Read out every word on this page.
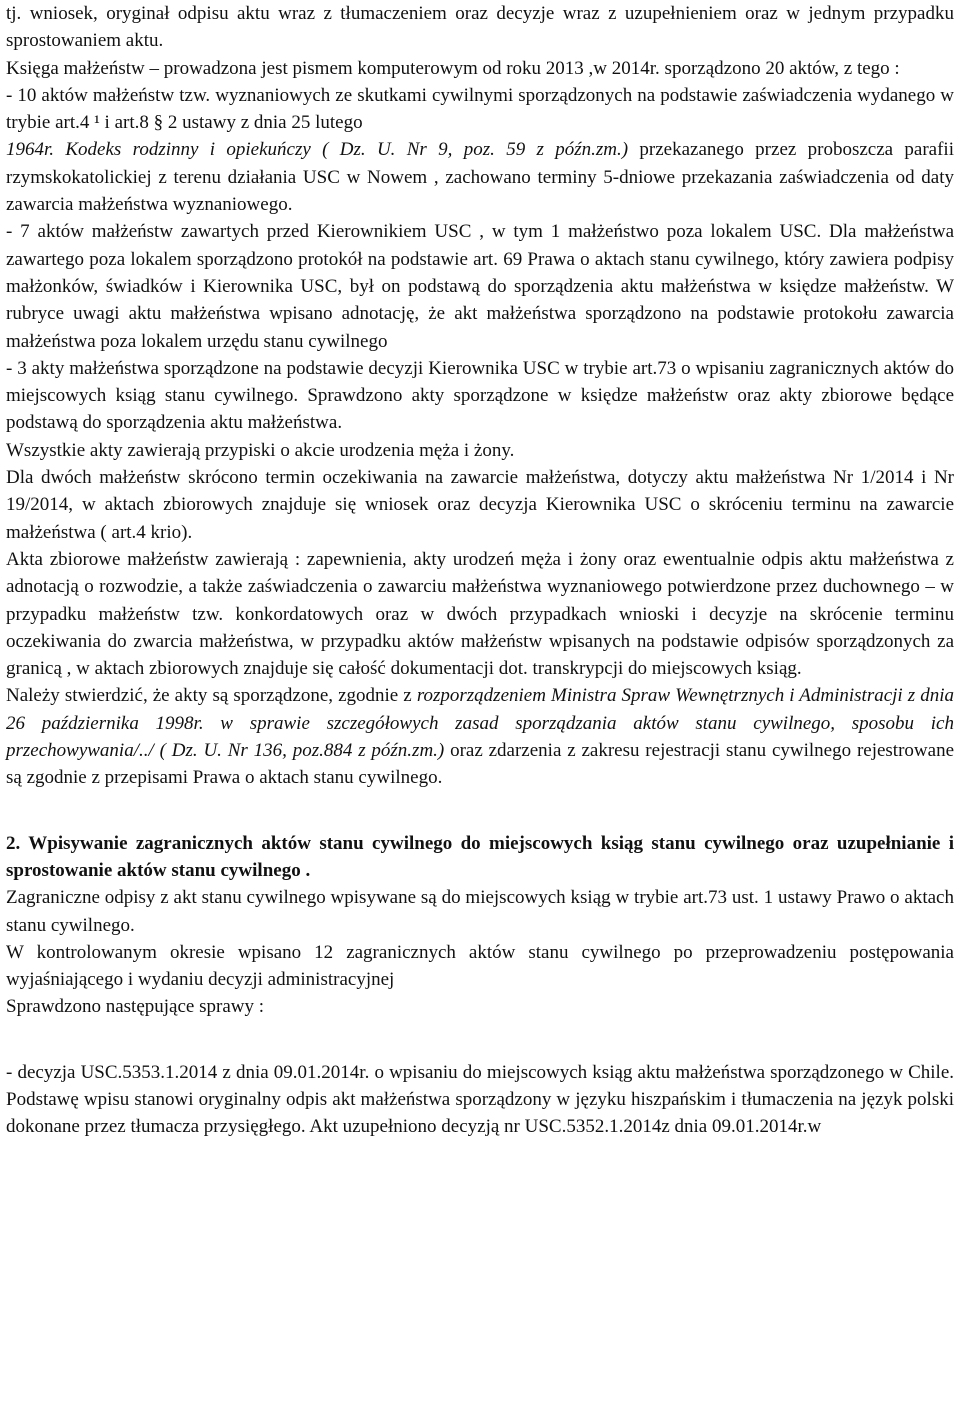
tj. wniosek, oryginał odpisu aktu wraz z tłumaczeniem oraz decyzje wraz z uzupełnieniem oraz w jednym przypadku sprostowaniem aktu.

Księga małżeństw – prowadzona jest pismem komputerowym od roku 2013 ,w 2014r. sporządzono 20 aktów, z tego :

- 10 aktów małżeństw tzw. wyznaniowych ze skutkami cywilnymi sporządzonych na podstawie zaświadczenia wydanego w trybie art.4 ¹ i art.8 § 2 ustawy z dnia 25 lutego

1964r. Kodeks rodzinny i opiekuńczy ( Dz. U. Nr 9, poz. 59 z późn.zm.) przekazanego przez proboszcza parafii rzymskokatolickiej z terenu działania USC w Nowem , zachowano terminy 5-dniowe przekazania zaświadczenia od daty zawarcia małżeństwa wyznaniowego.

- 7 aktów małżeństw zawartych przed Kierownikiem USC , w tym 1 małżeństwo poza lokalem USC. Dla małżeństwa zawartego poza lokalem sporządzono protokół na podstawie art. 69 Prawa o aktach stanu cywilnego, który zawiera podpisy małżonków, świadków i Kierownika USC, był on podstawą do sporządzenia aktu małżeństwa w księdze małżeństw. W rubryce uwagi aktu małżeństwa wpisano adnotację, że akt małżeństwa sporządzono na podstawie protokołu zawarcia małżeństwa poza lokalem urzędu stanu cywilnego

- 3 akty małżeństwa sporządzone na podstawie decyzji Kierownika USC w trybie art.73 o wpisaniu zagranicznych aktów do miejscowych ksiąg stanu cywilnego. Sprawdzono akty sporządzone w księdze małżeństw oraz akty zbiorowe będące podstawą do sporządzenia aktu małżeństwa.

Wszystkie akty zawierają przypiski o akcie urodzenia męża i żony.

Dla dwóch małżeństw skrócono termin oczekiwania na zawarcie małżeństwa, dotyczy aktu małżeństwa Nr 1/2014 i Nr 19/2014, w aktach zbiorowych znajduje się wniosek oraz decyzja Kierownika USC o skróceniu terminu na zawarcie małżeństwa ( art.4 krio).

Akta zbiorowe małżeństw zawierają : zapewnienia, akty urodzeń męża i żony oraz ewentualnie odpis aktu małżeństwa z adnotacją o rozwodzie, a także zaświadczenia o zawarciu małżeństwa wyznaniowego potwierdzone przez duchownego – w przypadku małżeństw tzw. konkordatowych oraz w dwóch przypadkach wnioski i decyzje na skrócenie terminu oczekiwania do zwarcia małżeństwa, w przypadku aktów małżeństw wpisanych na podstawie odpisów sporządzonych za granicą , w aktach zbiorowych znajduje się całość dokumentacji dot. transkrypcji do miejscowych ksiąg.

Należy stwierdzić, że akty są sporządzone, zgodnie z rozporządzeniem Ministra Spraw Wewnętrznych i Administracji z dnia 26 października 1998r. w sprawie szczegółowych zasad sporządzania aktów stanu cywilnego, sposobu ich przechowywania/../ ( Dz. U. Nr 136, poz.884 z późn.zm.) oraz zdarzenia z zakresu rejestracji stanu cywilnego rejestrowane są zgodnie z przepisami Prawa o aktach stanu cywilnego.

2. Wpisywanie zagranicznych aktów stanu cywilnego do miejscowych ksiąg stanu cywilnego oraz uzupełnianie i sprostowanie aktów stanu cywilnego .

Zagraniczne odpisy z akt stanu cywilnego wpisywane są do miejscowych ksiąg w trybie art.73 ust. 1 ustawy Prawo o aktach stanu cywilnego.

W kontrolowanym okresie wpisano 12 zagranicznych aktów stanu cywilnego po przeprowadzeniu postępowania wyjaśniającego i wydaniu decyzji administracyjnej

Sprawdzono następujące sprawy :

- decyzja USC.5353.1.2014 z dnia 09.01.2014r. o wpisaniu do miejscowych ksiąg aktu małżeństwa sporządzonego w Chile. Podstawę wpisu stanowi oryginalny odpis akt małżeństwa sporządzony w języku hiszpańskim i tłumaczenia na język polski dokonane przez tłumacza przysięgłego. Akt uzupełniono decyzją nr USC.5352.1.2014z dnia 09.01.2014r.w
